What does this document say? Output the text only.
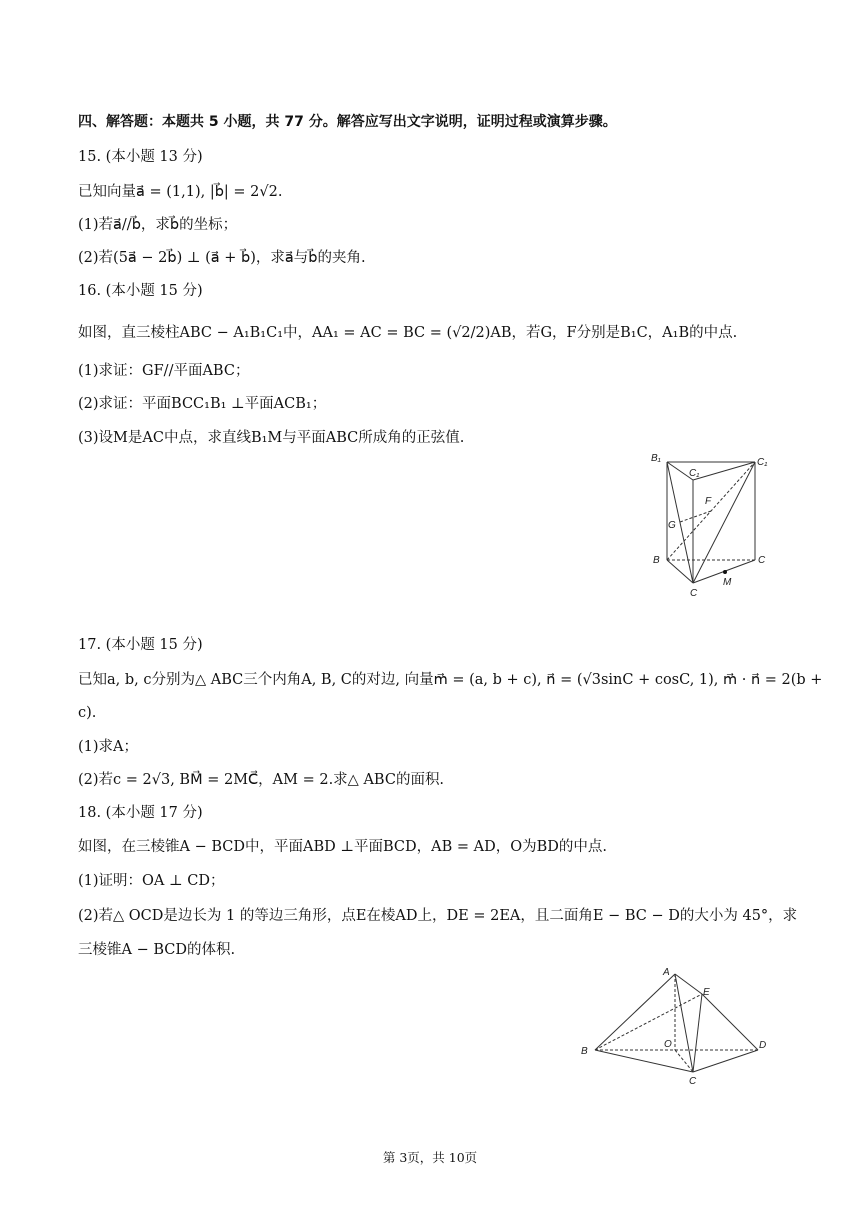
四、解答题：本题共 5 小题，共 77 分。解答应写出文字说明，证明过程或演算步骤。
15. (本小题 13 分)
已知向量a⃗ = (1,1), |b⃗| = 2√2.
(1)若a⃗//b⃗，求b⃗的坐标；
(2)若(5a⃗ − 2b⃗) ⊥ (a⃗ + b⃗)，求a⃗与b⃗的夹角.
16. (本小题 15 分)
如图，直三棱柱ABC − A₁B₁C₁中，AA₁ = AC = BC = (√2/2)AB，若G，F分别是B₁C，A₁B的中点.
(1)求证：GF//平面ABC；
(2)求证：平面BCC₁B₁ ⊥平面ACB₁；
(3)设M是AC中点，求直线B₁M与平面ABC所成角的正弦值.
B₁
C₁
C₁
F
G
B	C
C
M
17. (本小题 15 分)
已知a, b, c分别为△ ABC三个内角A, B, C的对边, 向量m⃗ = (a, b + c), n⃗ = (√3sinC + cosC, 1), m⃗ · n⃗ = 2(b +
c).
(1)求A；
(2)若c = 2√3, BM⃗ = 2MC⃗，AM = 2.求△ ABC的面积.
18. (本小题 17 分)
如图，在三棱锥A − BCD中，平面ABD ⊥平面BCD，AB = AD，O为BD的中点.
(1)证明：OA ⊥ CD；
(2)若△ OCD是边长为 1 的等边三角形，点E在棱AD上，DE = 2EA，且二面角E − BC − D的大小为 45°，求
三棱锥A − BCD的体积.
A
E
B
O	D
C
第 3页，共 10页
